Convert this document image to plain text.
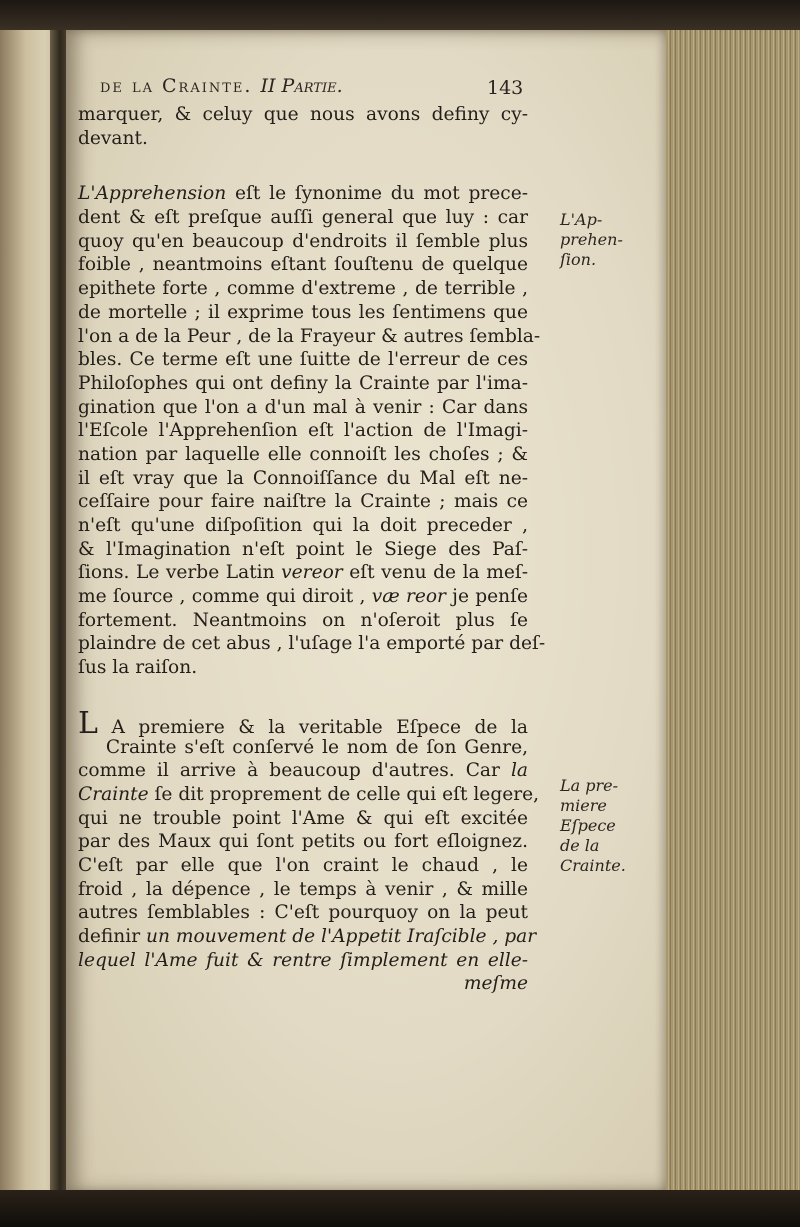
de la Crainte. II Partie.	143
marquer, & celuy que nous avons definy cy-
devant.
L'Apprehension eſt le ſynonime du mot prece-
dent & eſt preſque auſſi general que luy : car
quoy qu'en beaucoup d'endroits il ſemble plus
foible , neantmoins eſtant ſouſtenu de quelque
epithete forte , comme d'extreme , de terrible ,
de mortelle ; il exprime tous les ſentimens que
l'on a de la Peur , de la Frayeur & autres ſembla-
bles. Ce terme eſt une ſuitte de l'erreur de ces
Philoſophes qui ont definy la Crainte par l'ima-
gination que l'on a d'un mal à venir : Car dans
l'Eſcole l'Apprehenſion eſt l'action de l'Imagi-
nation par laquelle elle connoiſt les choſes ; &
il eſt vray que la Connoiſſance du Mal eſt ne-
ceſſaire pour faire naiſtre la Crainte ; mais ce
n'eſt qu'une diſpoſition qui la doit preceder ,
& l'Imagination n'eſt point le Siege des Paſ-
ſions. Le verbe Latin vereor eſt venu de la meſ-
me ſource , comme qui diroit , væ reor je penſe
fortement. Neantmoins on n'oſeroit plus ſe
plaindre de cet abus , l'uſage l'a emporté par deſ-
ſus la raiſon.
L A premiere & la veritable Eſpece de la
  Crainte s'eſt conſervé le nom de ſon Genre,
comme il arrive à beaucoup d'autres. Car la
Crainte ſe dit proprement de celle qui eſt legere,
qui ne trouble point l'Ame & qui eſt excitée
par des Maux qui ſont petits ou fort eſloignez.
C'eſt par elle que l'on craint le chaud , le
froid , la dépence , le temps à venir , & mille
autres ſemblables : C'eſt pourquoy on la peut
definir un mouvement de l'Appetit Iraſcible , par
lequel l'Ame fuit & rentre ſimplement en elle-
meſme
L'Ap-
prehen-
ſion.
La pre-
miere
Eſpece
de la
Crainte.
